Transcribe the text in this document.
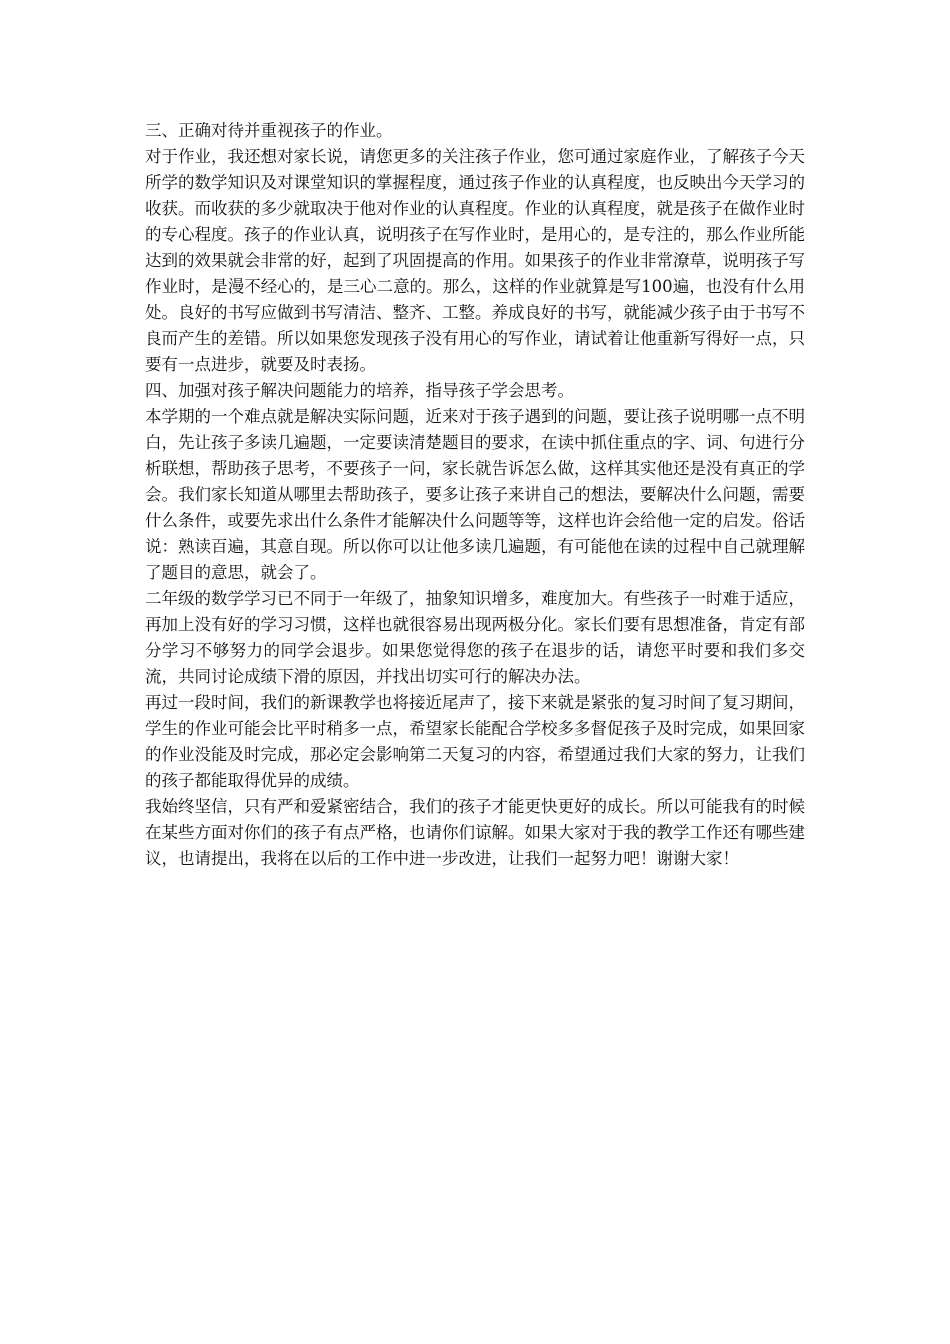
三、正确对待并重视孩子的作业。

对于作业，我还想对家长说，请您更多的关注孩子作业，您可通过家庭作业，了解孩子今天所学的数学知识及对课堂知识的掌握程度，通过孩子作业的认真程度，也反映出今天学习的收获。而收获的多少就取决于他对作业的认真程度。作业的认真程度，就是孩子在做作业时的专心程度。孩子的作业认真，说明孩子在写作业时，是用心的，是专注的，那么作业所能达到的效果就会非常的好，起到了巩固提高的作用。如果孩子的作业非常潦草，说明孩子写作业时，是漫不经心的，是三心二意的。那么，这样的作业就算是写100遍，也没有什么用处。良好的书写应做到书写清洁、整齐、工整。养成良好的书写，就能减少孩子由于书写不良而产生的差错。所以如果您发现孩子没有用心的写作业，请试着让他重新写得好一点，只要有一点进步，就要及时表扬。

四、加强对孩子解决问题能力的培养，指导孩子学会思考。

本学期的一个难点就是解决实际问题，近来对于孩子遇到的问题，要让孩子说明哪一点不明白，先让孩子多读几遍题，一定要读清楚题目的要求，在读中抓住重点的字、词、句进行分析联想，帮助孩子思考，不要孩子一问，家长就告诉怎么做，这样其实他还是没有真正的学会。我们家长知道从哪里去帮助孩子，要多让孩子来讲自己的想法，要解决什么问题，需要什么条件，或要先求出什么条件才能解决什么问题等等，这样也许会给他一定的启发。俗话说：熟读百遍，其意自现。所以你可以让他多读几遍题，有可能他在读的过程中自己就理解了题目的意思，就会了。

二年级的数学学习已不同于一年级了，抽象知识增多，难度加大。有些孩子一时难于适应，再加上没有好的学习习惯，这样也就很容易出现两极分化。家长们要有思想准备，肯定有部分学习不够努力的同学会退步。如果您觉得您的孩子在退步的话，请您平时要和我们多交流，共同讨论成绩下滑的原因，并找出切实可行的解决办法。

再过一段时间，我们的新课教学也将接近尾声了，接下来就是紧张的复习时间了复习期间，学生的作业可能会比平时稍多一点，希望家长能配合学校多多督促孩子及时完成，如果回家的作业没能及时完成，那必定会影响第二天复习的内容，希望通过我们大家的努力，让我们的孩子都能取得优异的成绩。

我始终坚信，只有严和爱紧密结合，我们的孩子才能更快更好的成长。所以可能我有的时候在某些方面对你们的孩子有点严格，也请你们谅解。如果大家对于我的教学工作还有哪些建议，也请提出，我将在以后的工作中进一步改进，让我们一起努力吧！谢谢大家！
